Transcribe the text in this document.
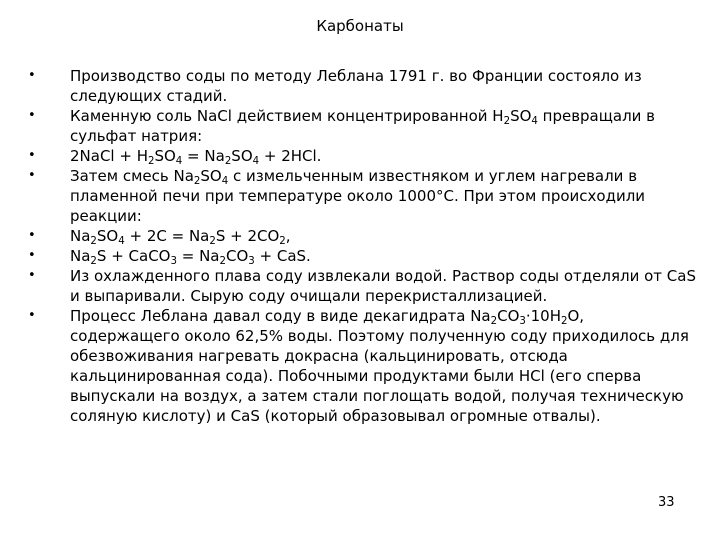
Карбонаты
•	Производство соды по методу Леблана 1791 г. во Франции состояло из следующих стадий.
•	Каменную соль NaCl действием концентрированной $H_2SO_4$ превращали в сульфат натрия:
•	2NaCl + $H_2SO_4 = Na_2SO_4 + 2HCl$.
•	Затем смесь $Na_2SO_4$ с измельченным известняком и углем нагревали в пламенной печи при температуре около 1000°С. При этом происходили реакции:
•	$Na_2SO_4 + 2C = Na_2S + 2CO_2$,
•	$Na_2S$ + CaCO$_3$ = $Na_2CO_3$ + CaS.
•	Из охлажденного плава соду извлекали водой. Раствор соды отделяли от CaS и выпаривали. Сырую соду очищали перекристаллизацией.
•	Процесс Леблана давал соду в виде декагидрата $Na_2CO_3\cdot 10H_2O$, содержащего около 62,5% воды. Поэтому полученную соду приходилось для обезвоживания нагревать докрасна (кальцинировать, отсюда кальцинированная сода). Побочными продуктами были HCl (его сперва выпускали на воздух, а затем стали поглощать водой, получая техническую соляную кислоту) и CaS (который образовывал огромные отвалы).
33
